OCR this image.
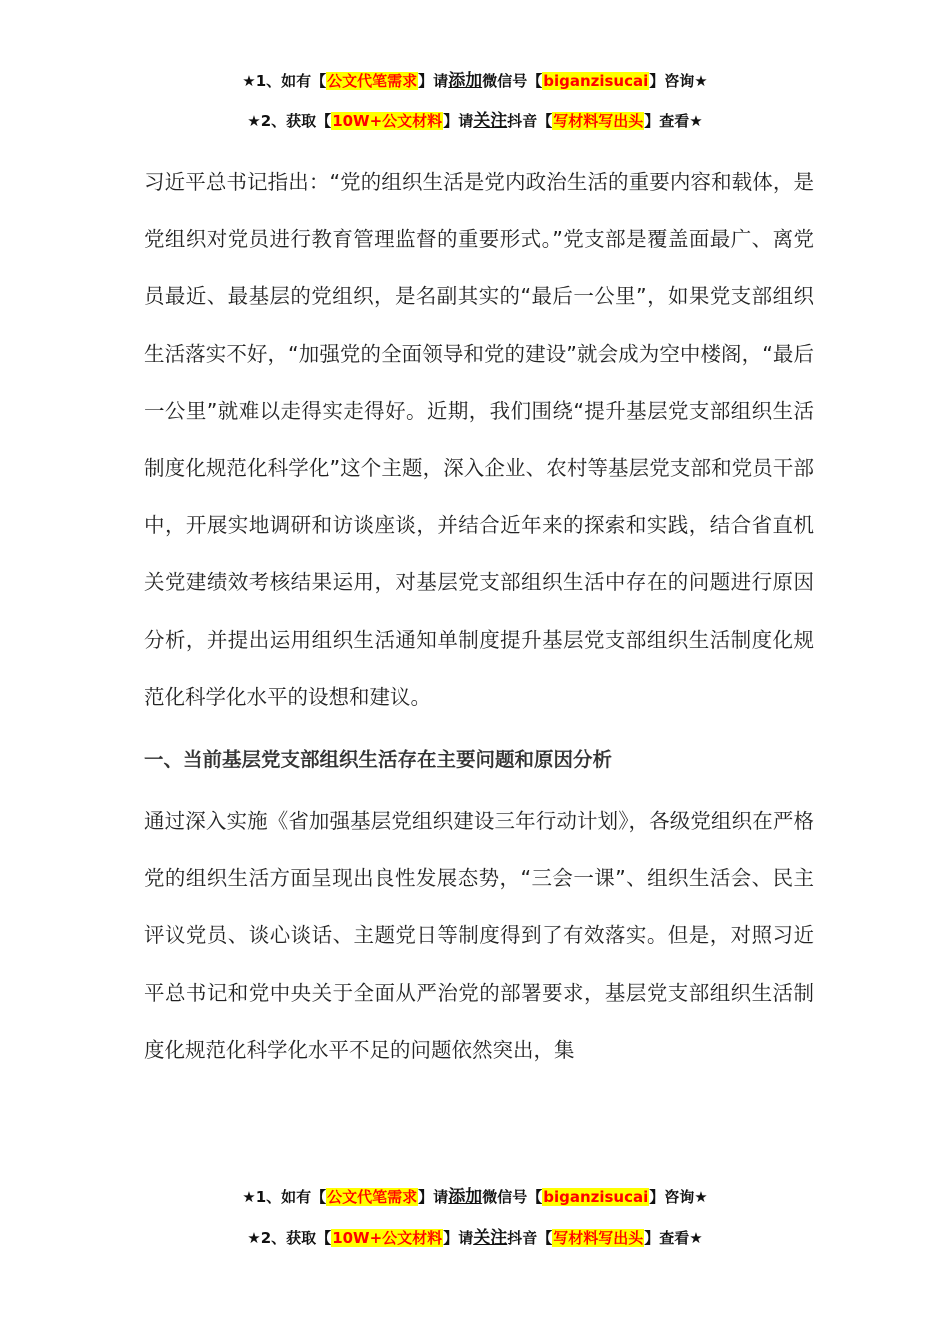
★1、如有【公文代笔需求】请添加微信号【biganzisucai】咨询★
★2、获取【10W+公文材料】请关注抖音【写材料写出头】查看★

习近平总书记指出：“党的组织生活是党内政治生活的重要内容和载体，是党组织对党员进行教育管理监督的重要形式。”党支部是覆盖面最广、离党员最近、最基层的党组织，是名副其实的“最后一公里”，如果党支部组织生活落实不好，“加强党的全面领导和党的建设”就会成为空中楼阁，“最后一公里”就难以走得实走得好。近期，我们围绕“提升基层党支部组织生活制度化规范化科学化”这个主题，深入企业、农村等基层党支部和党员干部中，开展实地调研和访谈座谈，并结合近年来的探索和实践，结合省直机关党建绩效考核结果运用，对基层党支部组织生活中存在的问题进行原因分析，并提出运用组织生活通知单制度提升基层党支部组织生活制度化规范化科学化水平的设想和建议。

一、当前基层党支部组织生活存在主要问题和原因分析

通过深入实施《省加强基层党组织建设三年行动计划》，各级党组织在严格党的组织生活方面呈现出良性发展态势，“三会一课”、组织生活会、民主评议党员、谈心谈话、主题党日等制度得到了有效落实。但是，对照习近平总书记和党中央关于全面从严治党的部署要求，基层党支部组织生活制度化规范化科学化水平不足的问题依然突出，集

★1、如有【公文代笔需求】请添加微信号【biganzisucai】咨询★
★2、获取【10W+公文材料】请关注抖音【写材料写出头】查看★
